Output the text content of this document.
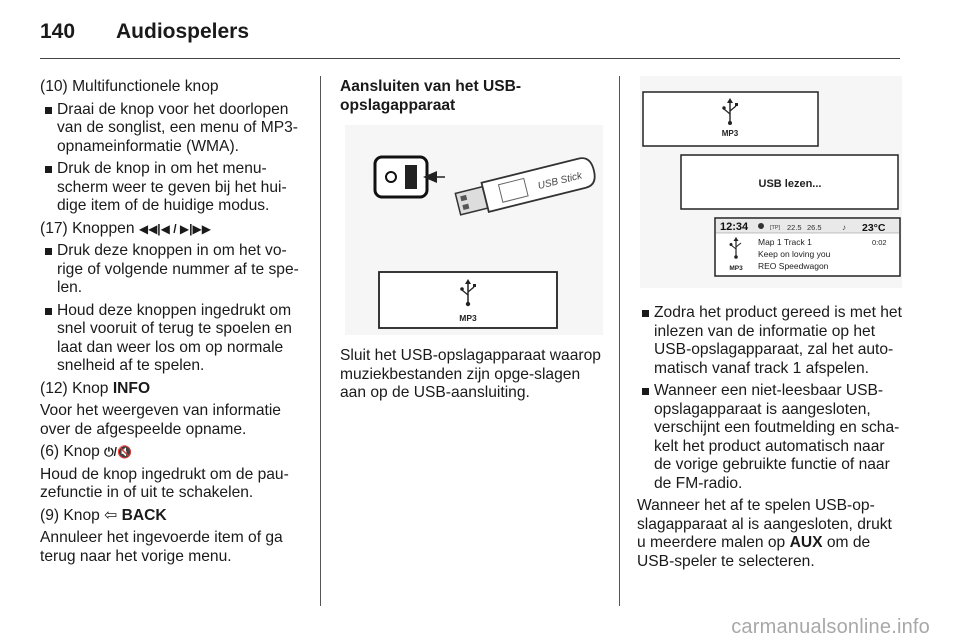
140	Audiospelers

(10) Multifunctionele knop

Draai de knop voor het doorlopen van de songlist, een menu of MP3-opnameinformatie (WMA).
Druk de knop in om het menu-scherm weer te geven bij het hui-dige item of de huidige modus.

(17) Knoppen ◀◀|◀ / ▶|▶▶

Druk deze knoppen in om het vo-rige of volgende nummer af te spe-len.
Houd deze knoppen ingedrukt om snel vooruit of terug te spoelen en laat dan weer los om op normale snelheid af te spelen.

(12) Knop INFO

Voor het weergeven van informatie over de afgespeelde opname.

(6) Knop ⏻/🔇

Houd de knop ingedrukt om de pau-zefunctie in of uit te schakelen.

(9) Knop ⇦ BACK

Annuleer het ingevoerde item of ga terug naar het vorige menu.

Aansluiten van het USB-opslagapparaat
USB Stick
MP3

Sluit het USB-opslagapparaat waarop muziekbestanden zijn opge-slagen aan op de USB-aansluiting.

MP3
USB lezen...
12:34	[TP] 22.5 26.5	♪ 23°C
MP3
Map 1 Track 1	0:02
Keep on loving you
REO Speedwagon
Zodra het product gereed is met het inlezen van de informatie op het USB-opslagapparaat, zal het auto-matisch vanaf track 1 afspelen.
Wanneer een niet-leesbaar USB-opslagapparaat is aangesloten, verschijnt een foutmelding en scha-kelt het product automatisch naar de vorige gebruikte functie of naar de FM-radio.

Wanneer het af te spelen USB-op-slagapparaat al is aangesloten, drukt u meerdere malen op AUX om de USB-speler te selecteren.

carmanualsonline.info
